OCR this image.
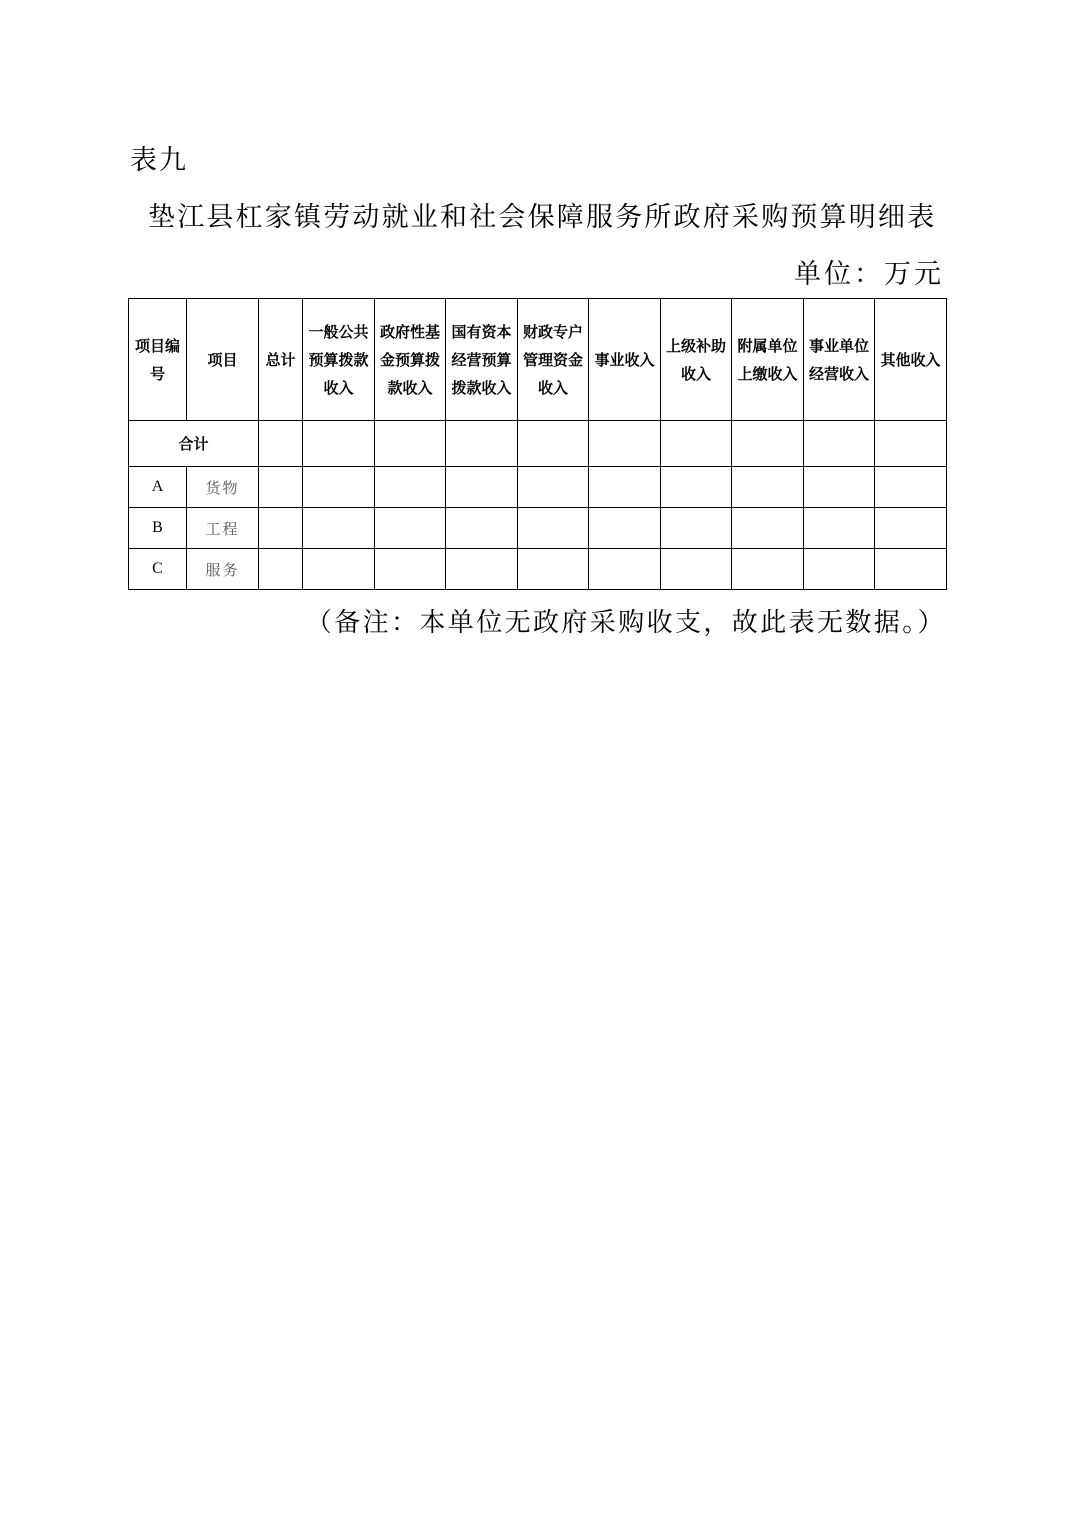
表九
垫江县杠家镇劳动就业和社会保障服务所政府采购预算明细表
单位：万元
项目编号	项目	总计	一般公共预算拨款收入	政府性基金预算拨款收入	国有资本经营预算拨款收入	财政专户管理资金收入	事业收入	上级补助收入	附属单位上缴收入	事业单位经营收入	其他收入
合计											
A	货物										
B	工程										
C	服务										
（备注：本单位无政府采购收支，故此表无数据。）
